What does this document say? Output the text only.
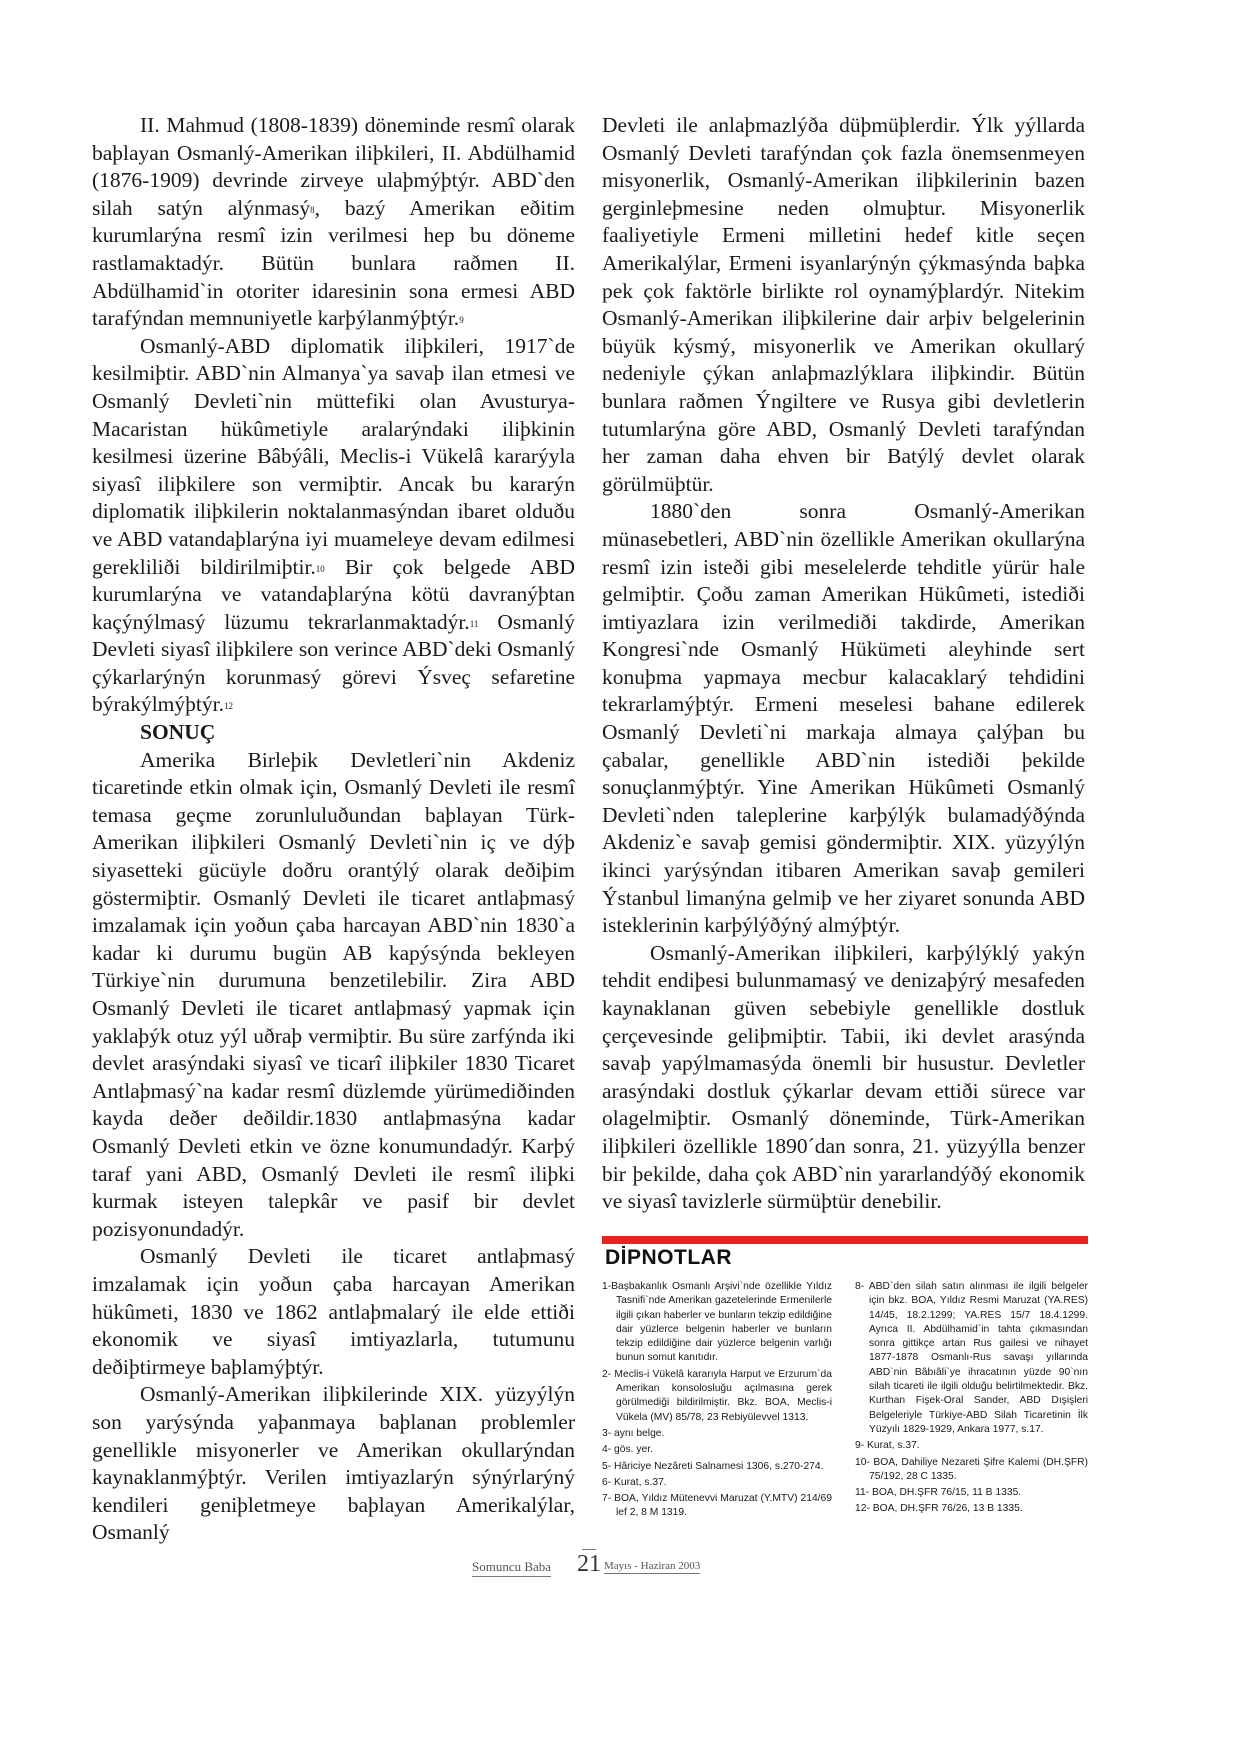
II. Mahmud (1808-1839) döneminde resmî olarak baþlayan Osmanlý-Amerikan iliþkileri, II. Abdülhamid (1876-1909) devrinde zirveye ulaþmýþtýr. ABD`den silah satýn alýnmasý$^8$, bazý Amerikan eðitim kurumlarýna resmî izin verilmesi hep bu döneme rastlamaktadýr. Bütün bunlara raðmen II. Abdülhamid`in otoriter idaresinin sona ermesi ABD tarafýndan memnuniyetle karþýlanmýþtýr.$^9$

Osmanlý-ABD diplomatik iliþkileri, 1917`de kesilmiþtir. ABD`nin Almanya`ya savaþ ilan etmesi ve Osmanlý Devleti`nin müttefiki olan Avusturya-Macaristan hükûmetiyle aralarýndaki iliþkinin kesilmesi üzerine Bâbýâli, Meclis-i Vükelâ kararýyla siyasî iliþkilere son vermiþtir. Ancak bu kararýn diplomatik iliþkilerin noktalanmasýndan ibaret olduðu ve ABD vatandaþlarýna iyi muameleye devam edilmesi gerekliliði bildirilmiþtir.$^{10}$ Bir çok belgede ABD kurumlarýna ve vatandaþlarýna kötü davranýþtan kaçýnýlmasý lüzumu tekrarlanmaktadýr.$^{11}$ Osmanlý Devleti siyasî iliþkilere son verince ABD`deki Osmanlý çýkarlarýnýn korunmasý görevi Ýsveç sefaretine býrakýlmýþtýr.$^{12}$

SONUÇ

Amerika Birleþik Devletleri`nin Akdeniz ticaretinde etkin olmak için, Osmanlý Devleti ile resmî temasa geçme zorunluluðundan baþlayan Türk-Amerikan iliþkileri Osmanlý Devleti`nin iç ve dýþ siyasetteki gücüyle doðru orantýlý olarak deðiþim göstermiþtir. Osmanlý Devleti ile ticaret antlaþmasý imzalamak için yoðun çaba harcayan ABD`nin 1830`a kadar ki durumu bugün AB kapýsýnda bekleyen Türkiye`nin durumuna benzetilebilir. Zira ABD Osmanlý Devleti ile ticaret antlaþmasý yapmak için yaklaþýk otuz yýl uðraþ vermiþtir. Bu süre zarfýnda iki devlet arasýndaki siyasî ve ticarî iliþkiler 1830 Ticaret Antlaþmasý`na kadar resmî düzlemde yürümediðinden kayda deðer deðildir.1830 antlaþmasýna kadar Osmanlý Devleti etkin ve özne konumundadýr. Karþý taraf yani ABD, Osmanlý Devleti ile resmî iliþki kurmak isteyen talepkâr ve pasif bir devlet pozisyonundadýr.

Osmanlý Devleti ile ticaret antlaþmasý imzalamak için yoðun çaba harcayan Amerikan hükûmeti, 1830 ve 1862 antlaþmalarý ile elde ettiði ekonomik ve siyasî imtiyazlarla, tutumunu deðiþtirmeye baþlamýþtýr.

Osmanlý-Amerikan iliþkilerinde XIX. yüzyýlýn son yarýsýnda yaþanmaya baþlanan problemler genellikle misyonerler ve Amerikan okullarýndan kaynaklanmýþtýr. Verilen imtiyazlarýn sýnýrlarýný kendileri geniþletmeye baþlayan Amerikalýlar, Osmanlý

Devleti ile anlaþmazlýða düþmüþlerdir. Ýlk yýllarda Osmanlý Devleti tarafýndan çok fazla önemsenmeyen misyonerlik, Osmanlý-Amerikan iliþkilerinin bazen gerginleþmesine neden olmuþtur. Misyonerlik faaliyetiyle Ermeni milletini hedef kitle seçen Amerikalýlar, Ermeni isyanlarýnýn çýkmasýnda baþka pek çok faktörle birlikte rol oynamýþlardýr. Nitekim Osmanlý-Amerikan iliþkilerine dair arþiv belgelerinin büyük kýsmý, misyonerlik ve Amerikan okullarý nedeniyle çýkan anlaþmazlýklara iliþkindir. Bütün bunlara raðmen Ýngiltere ve Rusya gibi devletlerin tutumlarýna göre ABD, Osmanlý Devleti tarafýndan her zaman daha ehven bir Batýlý devlet olarak görülmüþtür.

1880`den sonra Osmanlý-Amerikan münasebetleri, ABD`nin özellikle Amerikan okullarýna resmî izin isteði gibi meselelerde tehditle yürür hale gelmiþtir. Çoðu zaman Amerikan Hükûmeti, istediði imtiyazlara izin verilmediði takdirde, Amerikan Kongresi`nde Osmanlý Hükümeti aleyhinde sert konuþma yapmaya mecbur kalacaklarý tehdidini tekrarlamýþtýr. Ermeni meselesi bahane edilerek Osmanlý Devleti`ni markaja almaya çalýþan bu çabalar, genellikle ABD`nin istediði þekilde sonuçlanmýþtýr. Yine Amerikan Hükûmeti Osmanlý Devleti`nden taleplerine karþýlýk bulamadýðýnda Akdeniz`e savaþ gemisi göndermiþtir. XIX. yüzyýlýn ikinci yarýsýndan itibaren Amerikan savaþ gemileri Ýstanbul limanýna gelmiþ ve her ziyaret sonunda ABD isteklerinin karþýlýðýný almýþtýr.

Osmanlý-Amerikan iliþkileri, karþýlýklý yakýn tehdit endiþesi bulunmamasý ve denizaþýrý mesafeden kaynaklanan güven sebebiyle genellikle dostluk çerçevesinde geliþmiþtir. Tabii, iki devlet arasýnda savaþ yapýlmamasýda önemli bir husustur. Devletler arasýndaki dostluk çýkarlar devam ettiði sürece var olagelmiþtir. Osmanlý döneminde, Türk-Amerikan iliþkileri özellikle 1890´dan sonra, 21. yüzyýlla benzer bir þekilde, daha çok ABD`nin yararlandýðý ekonomik ve siyasî tavizlerle sürmüþtür denebilir.

DİPNOTLAR

1-Başbakanlık Osmanlı Arşivi`nde özellikle Yıldız Tasnifi`nde Amerikan gazetelerinde Ermenilerle ilgili çıkan haberler ve bunların tekzip edildiğine dair yüzlerce belgenin haberler ve bunların tekzip edildiğine dair yüzlerce belgenin varlığı bunun somut kanıtıdır.

2- Meclis-i Vükelâ kararıyla Harput ve Erzurum`da Amerikan konsolosluğu açılmasına gerek görülmediği bildirilmiştir. Bkz. BOA, Meclis-i Vükela (MV) 85/78, 23 Rebiyülevvel 1313.

3- aynı belge.

4- gös. yer.

5- Hâriciye Nezâreti Salnamesi 1306, s.270-274.

6- Kurat, s.37.

7- BOA, Yıldız Mütenevvi Maruzat (Y.MTV) 214/69 lef 2, 8 M 1319.

8- ABD`den silah satın alınması ile ilgili belgeler için bkz. BOA, Yıldız Resmi Maruzat (YA.RES) 14/45, 18.2.1299; YA.RES 15/7 18.4.1299. Ayrıca II. Abdülhamid`in tahta çıkmasından sonra gittikçe artan Rus gailesi ve nihayet 1877-1878 Osmanlı-Rus savaşı yıllarında ABD`nin Bâbıâli`ye ihracatının yüzde 90`nın silah ticareti ile ilgili olduğu belirtilmektedir. Bkz. Kurthan Fişek-Oral Sander, ABD Dışişleri Belgeleriyle Türkiye-ABD Silah Ticaretinin İlk Yüzyılı 1829-1929, Ankara 1977, s.17.

9- Kurat, s.37.

10- BOA, Dahiliye Nezareti Şifre Kalemi (DH.ŞFR) 75/192, 28 C 1335.

11- BOA, DH.ŞFR 76/15, 11 B 1335.

12- BOA, DH.ŞFR 76/26, 13 B 1335.

Somuncu Baba 21 Mayıs - Haziran 2003
